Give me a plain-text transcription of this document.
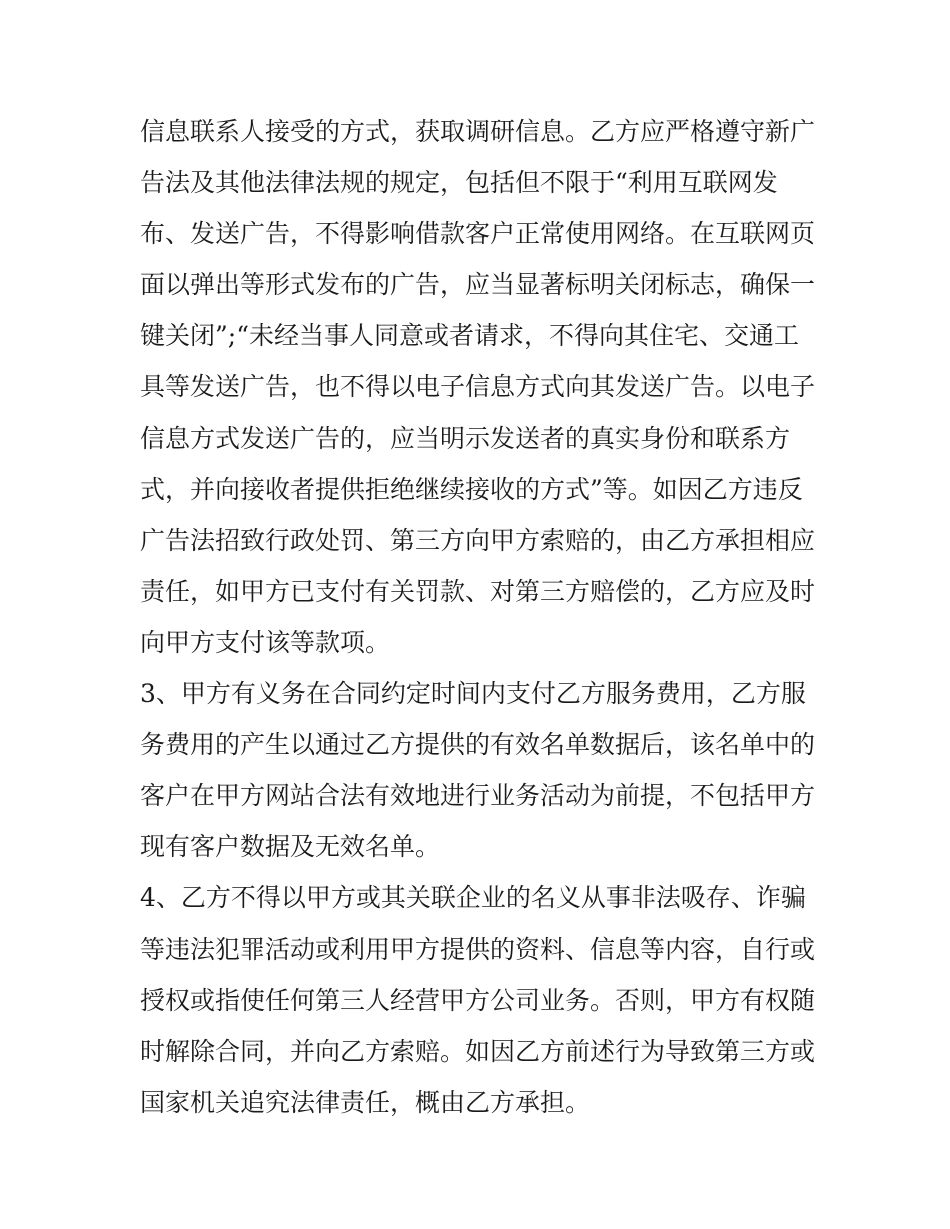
信息联系人接受的方式，获取调研信息。乙方应严格遵守新广
告法及其他法律法规的规定，包括但不限于“利用互联网发
布、发送广告，不得影响借款客户正常使用网络。在互联网页
面以弹出等形式发布的广告，应当显著标明关闭标志，确保一
键关闭”;“未经当事人同意或者请求，不得向其住宅、交通工
具等发送广告，也不得以电子信息方式向其发送广告。以电子
信息方式发送广告的，应当明示发送者的真实身份和联系方
式，并向接收者提供拒绝继续接收的方式”等。如因乙方违反
广告法招致行政处罚、第三方向甲方索赔的，由乙方承担相应
责任，如甲方已支付有关罚款、对第三方赔偿的，乙方应及时
向甲方支付该等款项。
3、甲方有义务在合同约定时间内支付乙方服务费用，乙方服
务费用的产生以通过乙方提供的有效名单数据后，该名单中的
客户在甲方网站合法有效地进行业务活动为前提，不包括甲方
现有客户数据及无效名单。
4、乙方不得以甲方或其关联企业的名义从事非法吸存、诈骗
等违法犯罪活动或利用甲方提供的资料、信息等内容，自行或
授权或指使任何第三人经营甲方公司业务。否则，甲方有权随
时解除合同，并向乙方索赔。如因乙方前述行为导致第三方或
国家机关追究法律责任，概由乙方承担。
